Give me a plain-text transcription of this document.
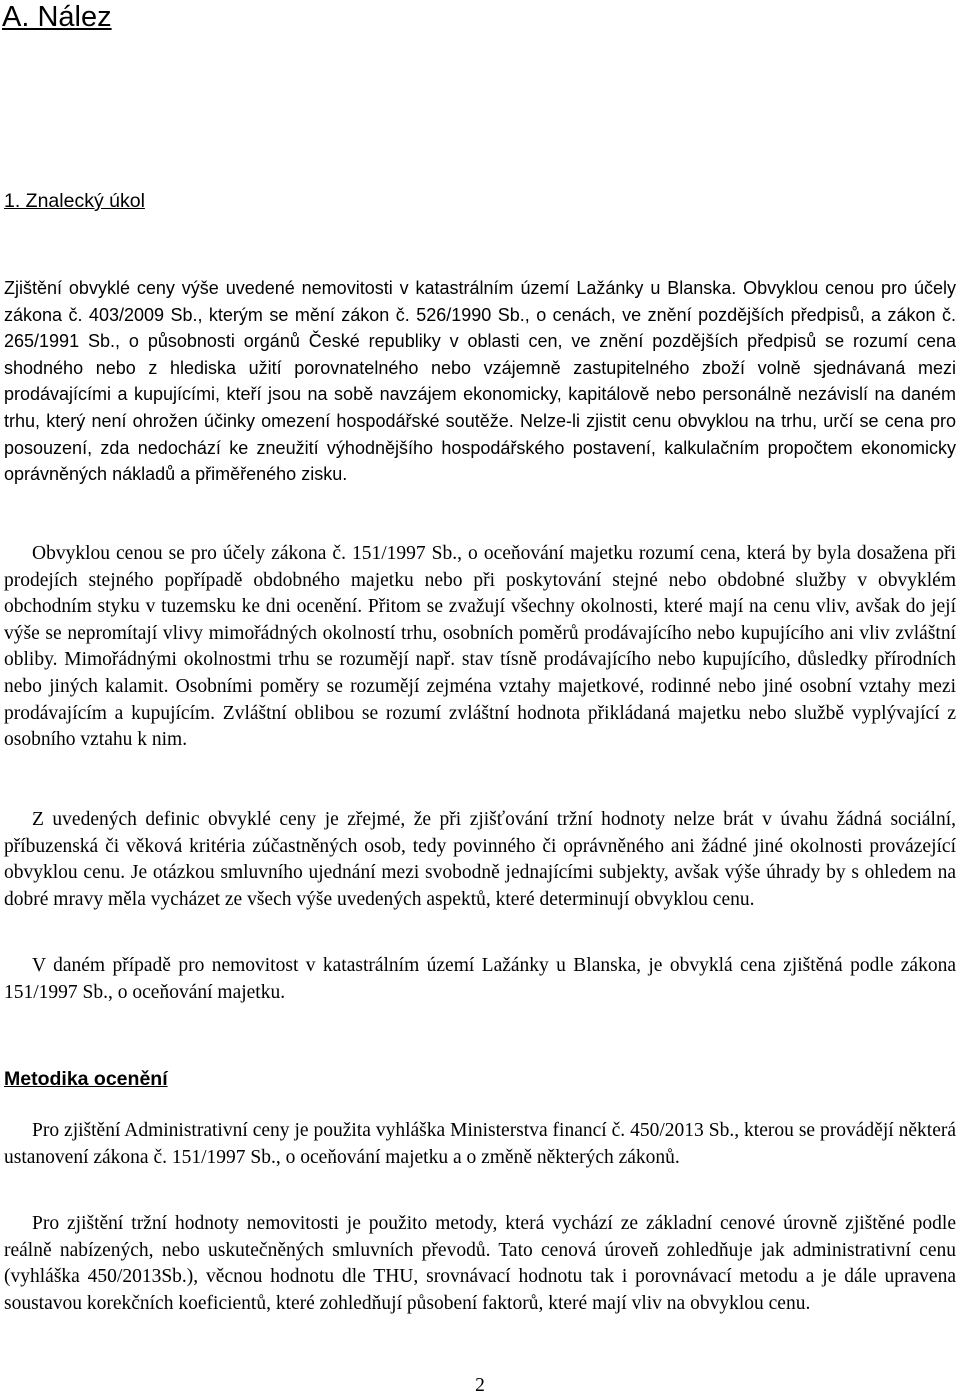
A. Nález
1. Znalecký úkol

Zjištění obvyklé ceny výše uvedené nemovitosti v katastrálním území Lažánky u Blanska. Obvyklou cenou pro účely zákona č. 403/2009 Sb., kterým se mění zákon č. 526/1990 Sb., o cenách, ve znění pozdějších předpisů, a zákon č. 265/1991 Sb., o působnosti orgánů České republiky v oblasti cen, ve znění pozdějších předpisů se rozumí cena shodného nebo z hlediska užití porovnatelného nebo vzájemně zastupitelného zboží volně sjednávaná mezi prodávajícími a kupujícími, kteří jsou na sobě navzájem ekonomicky, kapitálově nebo personálně nezávislí na daném trhu, který není ohrožen účinky omezení hospodářské soutěže. Nelze-li zjistit cenu obvyklou na trhu, určí se cena pro posouzení, zda nedochází ke zneužití výhodnějšího hospodářského postavení, kalkulačním propočtem ekonomicky oprávněných nákladů a přiměřeného zisku.

Obvyklou cenou se pro účely zákona č. 151/1997 Sb., o oceňování majetku rozumí cena, která by byla dosažena při prodejích stejného popřípadě obdobného majetku nebo při poskytování stejné nebo obdobné služby v obvyklém obchodním styku v tuzemsku ke dni ocenění. Přitom se zvažují všechny okolnosti, které mají na cenu vliv, avšak do její výše se nepromítají vlivy mimořádných okolností trhu, osobních poměrů prodávajícího nebo kupujícího ani vliv zvláštní obliby. Mimořádnými okolnostmi trhu se rozumějí např. stav tísně prodávajícího nebo kupujícího, důsledky přírodních nebo jiných kalamit. Osobními poměry se rozumějí zejména vztahy majetkové, rodinné nebo jiné osobní vztahy mezi prodávajícím a kupujícím. Zvláštní oblibou se rozumí zvláštní hodnota přikládaná majetku nebo službě vyplývající z osobního vztahu k nim.

Z uvedených definic obvyklé ceny je zřejmé, že při zjišťování tržní hodnoty nelze brát v úvahu žádná sociální, příbuzenská či věková kritéria zúčastněných osob, tedy povinného či oprávněného ani žádné jiné okolnosti provázející obvyklou cenu. Je otázkou smluvního ujednání mezi svobodně jednajícími subjekty, avšak výše úhrady by s ohledem na dobré mravy měla vycházet ze všech výše uvedených aspektů, které determinují obvyklou cenu.

V daném případě pro nemovitost v katastrálním území Lažánky u Blanska, je obvyklá cena zjištěná podle zákona 151/1997 Sb., o oceňování majetku.

Metodika ocenění

Pro zjištění Administrativní ceny je použita vyhláška Ministerstva financí č. 450/2013 Sb., kterou se provádějí některá ustanovení zákona č. 151/1997 Sb., o oceňování majetku a o změně některých zákonů.

Pro zjištění tržní hodnoty nemovitosti je použito metody, která vychází ze základní cenové úrovně zjištěné podle reálně nabízených, nebo uskutečněných smluvních převodů. Tato cenová úroveň zohledňuje jak administrativní cenu (vyhláška 450/2013Sb.), věcnou hodnotu dle THU, srovnávací hodnotu tak i porovnávací metodu a je dále upravena soustavou korekčních koeficientů, které zohledňují působení faktorů, které mají vliv na obvyklou cenu.

2
